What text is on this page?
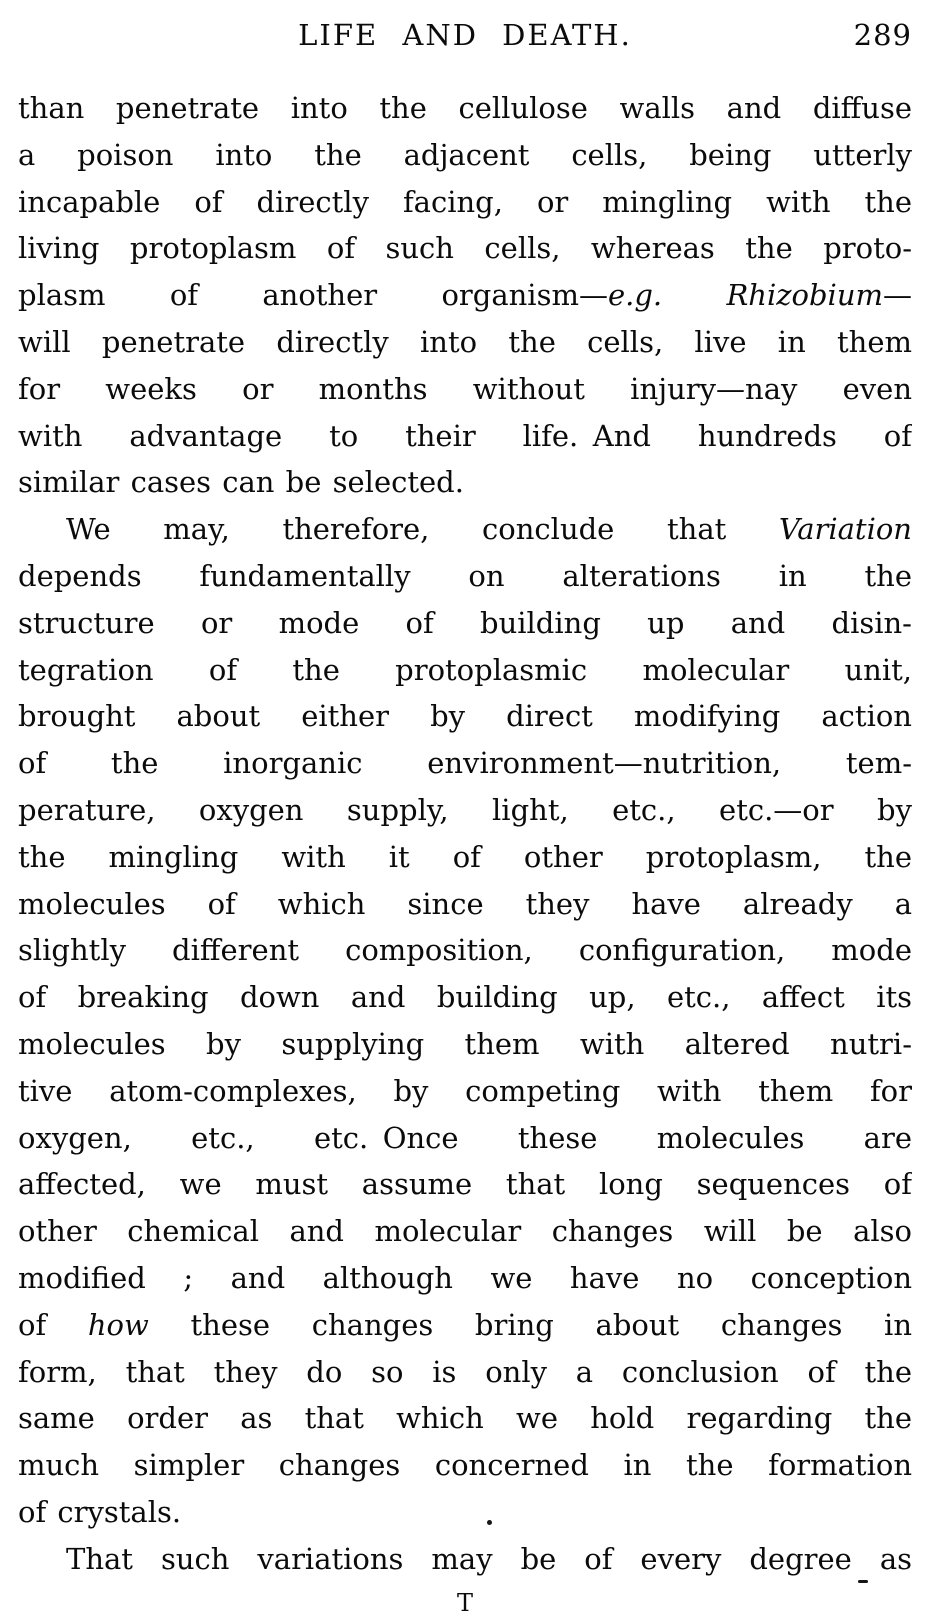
LIFE AND DEATH.	289
than penetrate into the cellulose walls and diffuse
a poison into the adjacent cells, being utterly
incapable of directly facing, or mingling with the
living protoplasm of such cells, whereas the proto-
plasm of another organism—e.g. Rhizobium—
will penetrate directly into the cells, live in them
for weeks or months without injury—nay even
with advantage to their life. And hundreds of
similar cases can be selected.
We may, therefore, conclude that Variation
depends fundamentally on alterations in the
structure or mode of building up and disin-
tegration of the protoplasmic molecular unit,
brought about either by direct modifying action
of the inorganic environment—nutrition, tem-
perature, oxygen supply, light, etc., etc.—or by
the mingling with it of other protoplasm, the
molecules of which since they have already a
slightly different composition, configuration, mode
of breaking down and building up, etc., affect its
molecules by supplying them with altered nutri-
tive atom-complexes, by competing with them for
oxygen, etc., etc. Once these molecules are
affected, we must assume that long sequences of
other chemical and molecular changes will be also
modified ; and although we have no conception
of how these changes bring about changes in
form, that they do so is only a conclusion of the
same order as that which we hold regarding the
much simpler changes concerned in the formation
of crystals.
That such variations may be of every degree as
T
